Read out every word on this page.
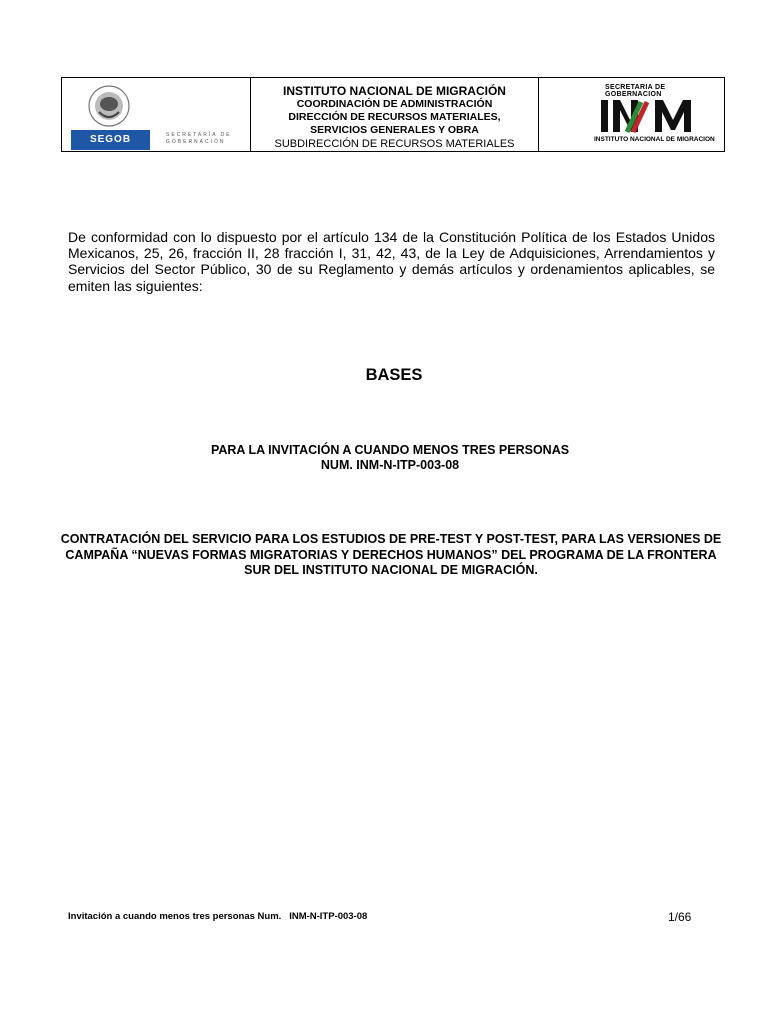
SEGOB	SECRETARÍA DE GOBERNACIÓN
INSTITUTO NACIONAL DE MIGRACIÓN
COORDINACIÓN DE ADMINISTRACIÓN
DIRECCIÓN DE RECURSOS MATERIALES,
SERVICIOS GENERALES Y OBRA
SUBDIRECCIÓN DE RECURSOS MATERIALES
SECRETARIA DE GOBERNACION
INSTITUTO NACIONAL DE MIGRACION
De conformidad con lo dispuesto por el artículo 134 de la Constitución Política de los Estados Unidos Mexicanos, 25, 26, fracción II, 28 fracción I, 31, 42, 43, de la Ley de Adquisiciones, Arrendamientos y Servicios del Sector Público, 30 de su Reglamento y demás artículos y ordenamientos aplicables, se emiten las siguientes:
BASES
PARA LA INVITACIÓN A CUANDO MENOS TRES PERSONAS
NUM. INM-N-ITP-003-08
CONTRATACIÓN DEL SERVICIO PARA LOS ESTUDIOS DE PRE-TEST Y POST-TEST, PARA LAS VERSIONES DE CAMPAÑA “NUEVAS FORMAS MIGRATORIAS Y DERECHOS HUMANOS” DEL PROGRAMA DE LA FRONTERA SUR DEL INSTITUTO NACIONAL DE MIGRACIÓN.
Invitación a cuando menos tres personas Num.   INM-N-ITP-003-08	1/66
